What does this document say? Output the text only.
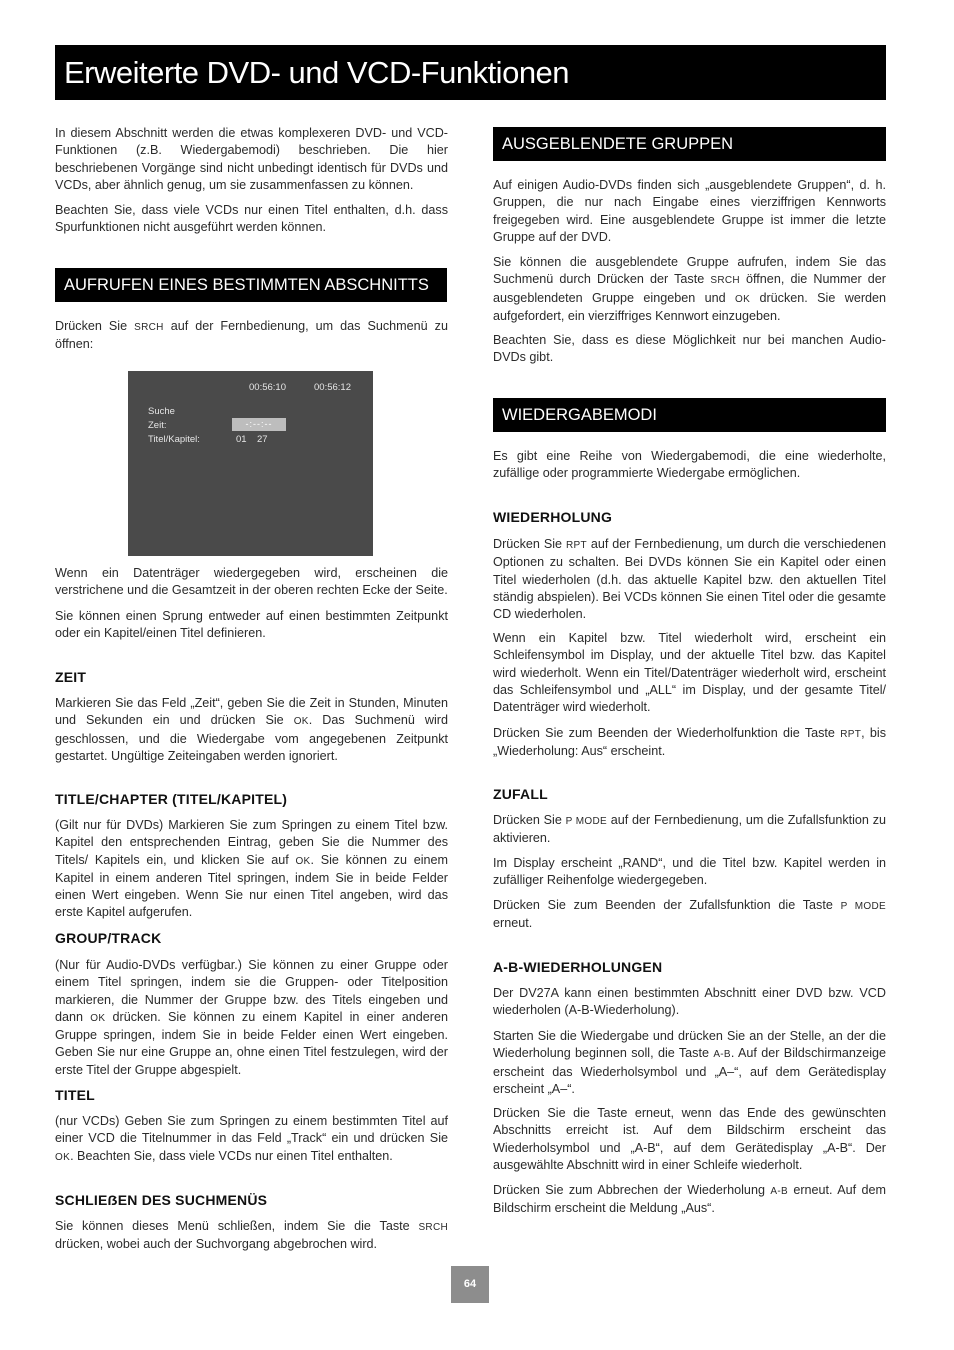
Erweiterte DVD- und VCD-Funktionen

In diesem Abschnitt werden die etwas komplexeren DVD- und VCD-Funktionen (z.B. Wiedergabemodi) beschrieben. Die hier beschriebenen Vorgänge sind nicht unbedingt identisch für DVDs und VCDs, aber ähnlich genug, um sie zusammenfassen zu können.

Beachten Sie, dass viele VCDs nur einen Titel enthalten, d.h. dass Spurfunktionen nicht ausgeführt werden können.

AUFRUFEN EINES BESTIMMTEN ABSCHNITTS

Drücken Sie SRCH auf der Fernbedienung, um das Suchmenü zu öffnen:

00:56:10	00:56:12
Suche
Zeit:	-:--:--
Titel/Kapitel:	01 27

Wenn ein Datenträger wiedergegeben wird, erscheinen die verstrichene und die Gesamtzeit in der oberen rechten Ecke der Seite.

Sie können einen Sprung entweder auf einen bestimmten Zeitpunkt oder ein Kapitel/einen Titel definieren.

ZEIT

Markieren Sie das Feld „Zeit“, geben Sie die Zeit in Stunden, Minuten und Sekunden ein und drücken Sie OK. Das Suchmenü wird geschlossen, und die Wiedergabe vom angegebenen Zeitpunkt gestartet. Ungültige Zeiteingaben werden ignoriert.

TITLE/CHAPTER (TITEL/KAPITEL)

(Gilt nur für DVDs) Markieren Sie zum Springen zu einem Titel bzw. Kapitel den entsprechenden Eintrag, geben Sie die Nummer des Titels/ Kapitels ein, und klicken Sie auf OK. Sie können zu einem Kapitel in einem anderen Titel springen, indem Sie in beide Felder einen Wert eingeben. Wenn Sie nur einen Titel angeben, wird das erste Kapitel aufgerufen.

GROUP/TRACK

(Nur für Audio-DVDs verfügbar.) Sie können zu einer Gruppe oder einem Titel springen, indem sie die Gruppen- oder Titelposition markieren, die Nummer der Gruppe bzw. des Titels eingeben und dann OK drücken. Sie können zu einem Kapitel in einer anderen Gruppe springen, indem Sie in beide Felder einen Wert eingeben. Geben Sie nur eine Gruppe an, ohne einen Titel festzulegen, wird der erste Titel der Gruppe abgespielt.

TITEL

(nur VCDs) Geben Sie zum Springen zu einem bestimmten Titel auf einer VCD die Titelnummer in das Feld „Track“ ein und drücken Sie OK. Beachten Sie, dass viele VCDs nur einen Titel enthalten.

SCHLIEẞEN DES SUCHMENÜS

Sie können dieses Menü schließen, indem Sie die Taste SRCH drücken, wobei auch der Suchvorgang abgebrochen wird.

AUSGEBLENDETE GRUPPEN

Auf einigen Audio-DVDs finden sich „ausgeblendete Gruppen“, d. h. Gruppen, die nur nach Eingabe eines vierziffrigen Kennworts freigegeben wird. Eine ausgeblendete Gruppe ist immer die letzte Gruppe auf der DVD.

Sie können die ausgeblendete Gruppe aufrufen, indem Sie das Suchmenü durch Drücken der Taste SRCH öffnen, die Nummer der ausgeblendeten Gruppe eingeben und OK drücken. Sie werden aufgefordert, ein vierziffriges Kennwort einzugeben.

Beachten Sie, dass es diese Möglichkeit nur bei manchen Audio-DVDs gibt.

WIEDERGABEMODI

Es gibt eine Reihe von Wiedergabemodi, die eine wiederholte, zufällige oder programmierte Wiedergabe ermöglichen.

WIEDERHOLUNG

Drücken Sie RPT auf der Fernbedienung, um durch die verschiedenen Optionen zu schalten. Bei DVDs können Sie ein Kapitel oder einen Titel wiederholen (d.h. das aktuelle Kapitel bzw. den aktuellen Titel ständig abspielen). Bei VCDs können Sie einen Titel oder die gesamte CD wiederholen.

Wenn ein Kapitel bzw. Titel wiederholt wird, erscheint ein Schleifensymbol im Display, und der aktuelle Titel bzw. das Kapitel wird wiederholt. Wenn ein Titel/Datenträger wiederholt wird, erscheint das Schleifensymbol und „ALL“ im Display, und der gesamte Titel/ Datenträger wird wiederholt.

Drücken Sie zum Beenden der Wiederholfunktion die Taste RPT, bis „Wiederholung: Aus“ erscheint.

ZUFALL

Drücken Sie P MODE auf der Fernbedienung, um die Zufallsfunktion zu aktivieren.

Im Display erscheint „RAND“, und die Titel bzw. Kapitel werden in zufälliger Reihenfolge wiedergegeben.

Drücken Sie zum Beenden der Zufallsfunktion die Taste P MODE erneut.

A-B-WIEDERHOLUNGEN

Der DV27A kann einen bestimmten Abschnitt einer DVD bzw. VCD wiederholen (A-B-Wiederholung).

Starten Sie die Wiedergabe und drücken Sie an der Stelle, an der die Wiederholung beginnen soll, die Taste A-B. Auf der Bildschirmanzeige erscheint das Wiederholsymbol und „A–“, auf dem Gerätedisplay erscheint „A–“.

Drücken Sie die Taste erneut, wenn das Ende des gewünschten Abschnitts erreicht ist. Auf dem Bildschirm erscheint das Wiederholsymbol und „A-B“, auf dem Gerätedisplay „A-B“. Der ausgewählte Abschnitt wird in einer Schleife wiederholt.

Drücken Sie zum Abbrechen der Wiederholung A-B erneut. Auf dem Bildschirm erscheint die Meldung „Aus“.

64
